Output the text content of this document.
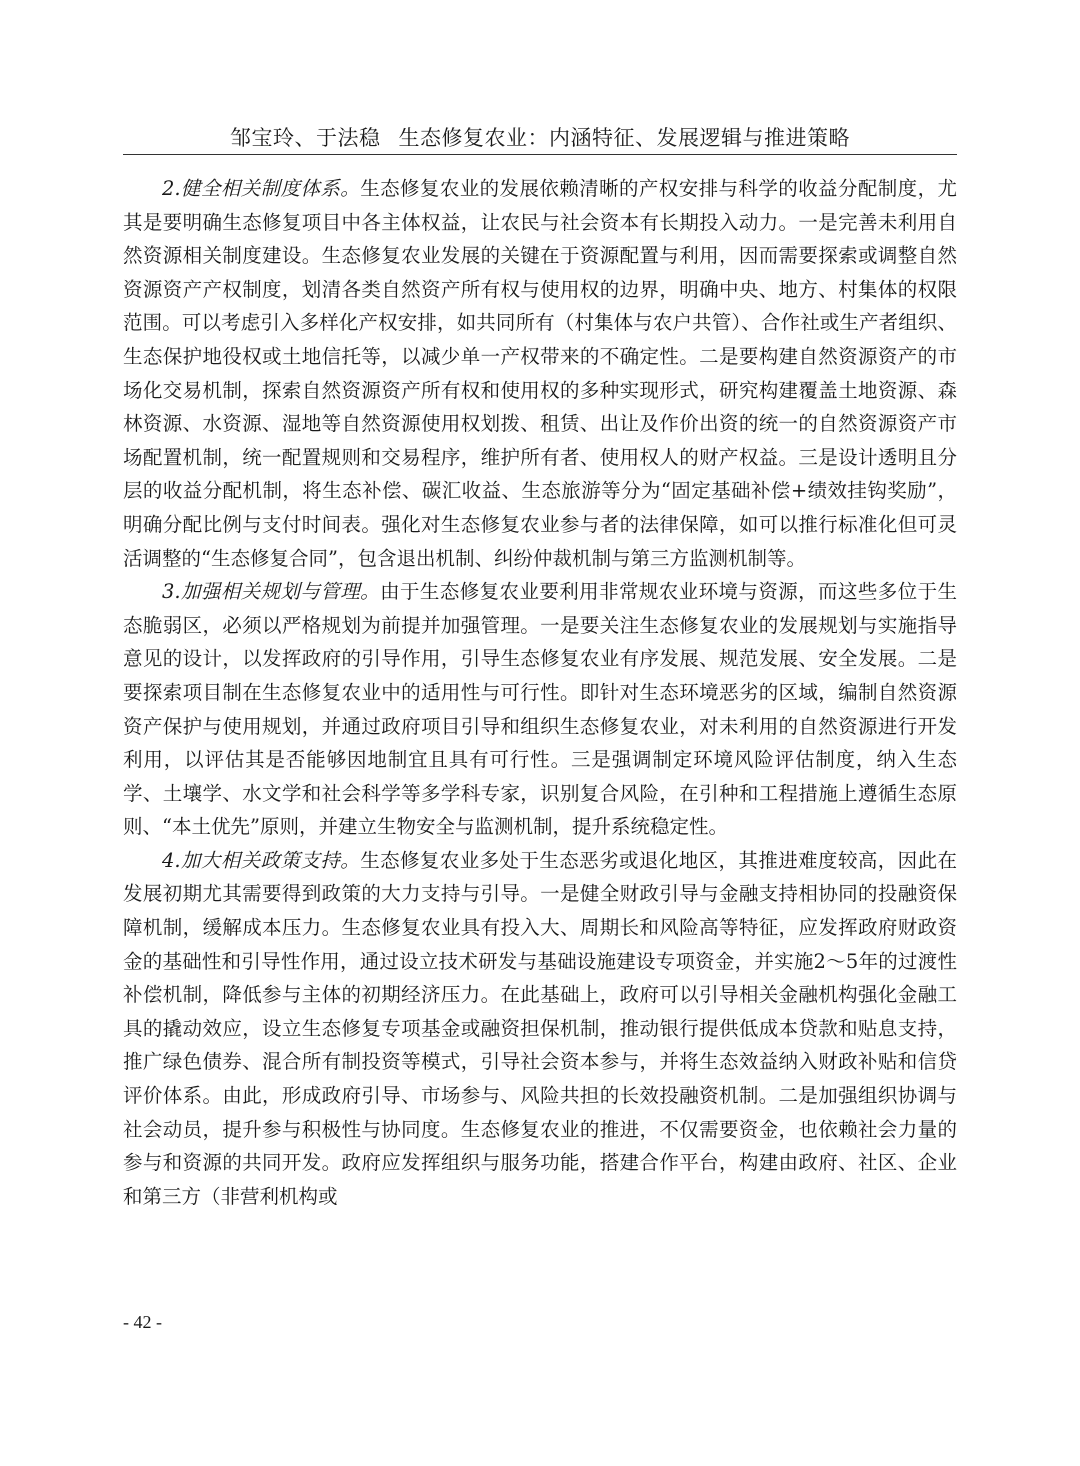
邹宝玲、于法稳 生态修复农业：内涵特征、发展逻辑与推进策略

2.健全相关制度体系。生态修复农业的发展依赖清晰的产权安排与科学的收益分配制度，尤其是要明确生态修复项目中各主体权益，让农民与社会资本有长期投入动力。一是完善未利用自然资源相关制度建设。生态修复农业发展的关键在于资源配置与利用，因而需要探索或调整自然资源资产产权制度，划清各类自然资产所有权与使用权的边界，明确中央、地方、村集体的权限范围。可以考虑引入多样化产权安排，如共同所有（村集体与农户共管）、合作社或生产者组织、生态保护地役权或土地信托等，以减少单一产权带来的不确定性。二是要构建自然资源资产的市场化交易机制，探索自然资源资产所有权和使用权的多种实现形式，研究构建覆盖土地资源、森林资源、水资源、湿地等自然资源使用权划拨、租赁、出让及作价出资的统一的自然资源资产市场配置机制，统一配置规则和交易程序，维护所有者、使用权人的财产权益。三是设计透明且分层的收益分配机制，将生态补偿、碳汇收益、生态旅游等分为“固定基础补偿+绩效挂钩奖励”，明确分配比例与支付时间表。强化对生态修复农业参与者的法律保障，如可以推行标准化但可灵活调整的“生态修复合同”，包含退出机制、纠纷仲裁机制与第三方监测机制等。

3.加强相关规划与管理。由于生态修复农业要利用非常规农业环境与资源，而这些多位于生态脆弱区，必须以严格规划为前提并加强管理。一是要关注生态修复农业的发展规划与实施指导意见的设计，以发挥政府的引导作用，引导生态修复农业有序发展、规范发展、安全发展。二是要探索项目制在生态修复农业中的适用性与可行性。即针对生态环境恶劣的区域，编制自然资源资产保护与使用规划，并通过政府项目引导和组织生态修复农业，对未利用的自然资源进行开发利用，以评估其是否能够因地制宜且具有可行性。三是强调制定环境风险评估制度，纳入生态学、土壤学、水文学和社会科学等多学科专家，识别复合风险，在引种和工程措施上遵循生态原则、“本土优先”原则，并建立生物安全与监测机制，提升系统稳定性。

4.加大相关政策支持。生态修复农业多处于生态恶劣或退化地区，其推进难度较高，因此在发展初期尤其需要得到政策的大力支持与引导。一是健全财政引导与金融支持相协同的投融资保障机制，缓解成本压力。生态修复农业具有投入大、周期长和风险高等特征，应发挥政府财政资金的基础性和引导性作用，通过设立技术研发与基础设施建设专项资金，并实施2～5年的过渡性补偿机制，降低参与主体的初期经济压力。在此基础上，政府可以引导相关金融机构强化金融工具的撬动效应，设立生态修复专项基金或融资担保机制，推动银行提供低成本贷款和贴息支持，推广绿色债券、混合所有制投资等模式，引导社会资本参与，并将生态效益纳入财政补贴和信贷评价体系。由此，形成政府引导、市场参与、风险共担的长效投融资机制。二是加强组织协调与社会动员，提升参与积极性与协同度。生态修复农业的推进，不仅需要资金，也依赖社会力量的参与和资源的共同开发。政府应发挥组织与服务功能，搭建合作平台，构建由政府、社区、企业和第三方（非营利机构或

- 42 -
